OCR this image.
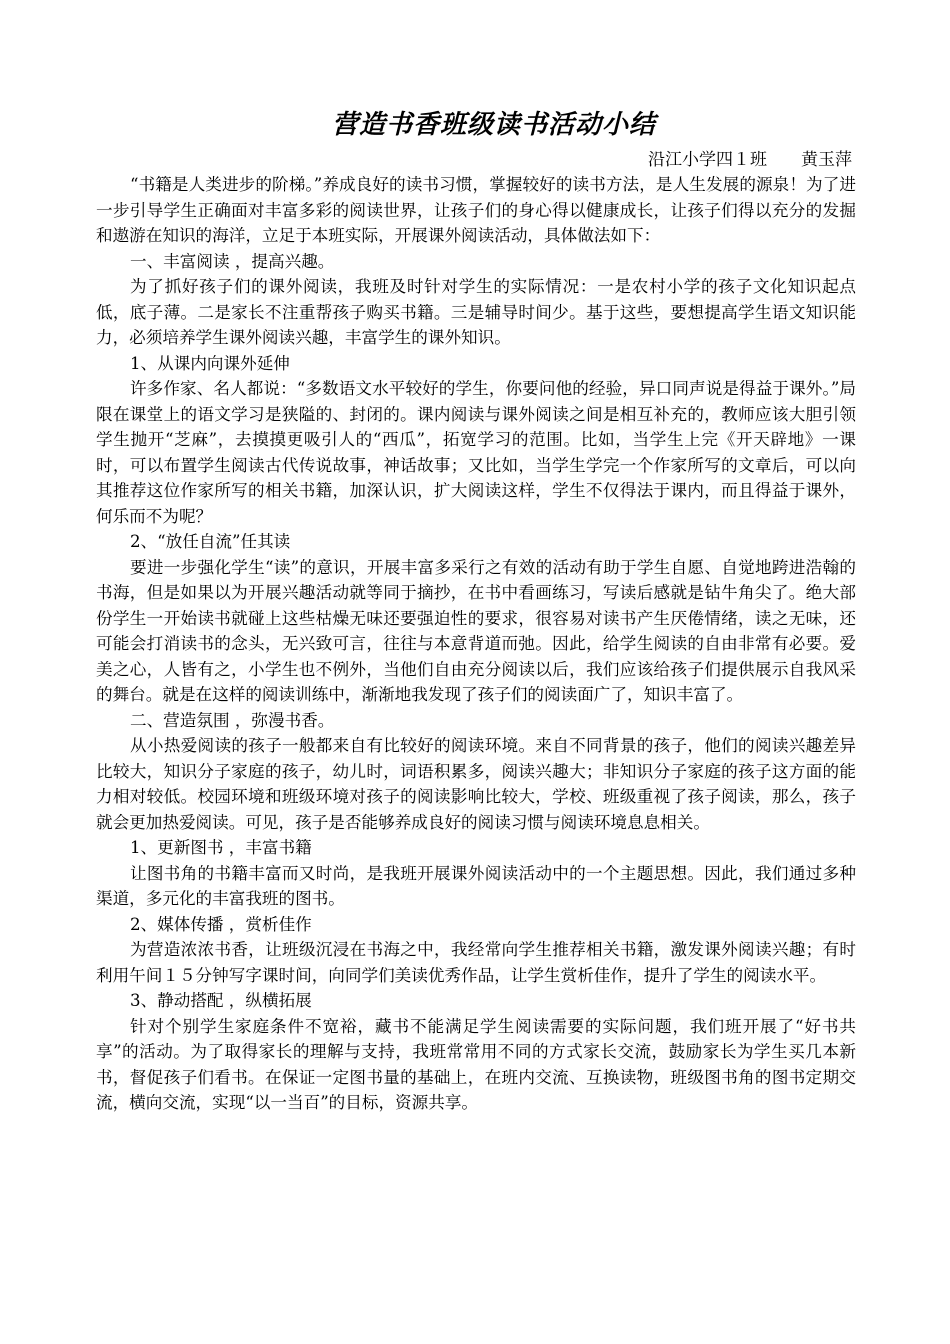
营造书香班级读书活动小结
沿江小学四１班　　黄玉萍

“书籍是人类进步的阶梯。”养成良好的读书习惯，掌握较好的读书方法，是人生发展的源泉！为了进一步引导学生正确面对丰富多彩的阅读世界，让孩子们的身心得以健康成长，让孩子们得以充分的发掘和遨游在知识的海洋，立足于本班实际，开展课外阅读活动，具体做法如下：

一、丰富阅读 ，提高兴趣。

为了抓好孩子们的课外阅读，我班及时针对学生的实际情况：一是农村小学的孩子文化知识起点低，底子薄。二是家长不注重帮孩子购买书籍。三是辅导时间少。基于这些，要想提高学生语文知识能力，必须培养学生课外阅读兴趣，丰富学生的课外知识。

1、从课内向课外延伸

许多作家、名人都说：“多数语文水平较好的学生，你要问他的经验，异口同声说是得益于课外。”局限在课堂上的语文学习是狭隘的、封闭的。课内阅读与课外阅读之间是相互补充的，教师应该大胆引领学生抛开“芝麻”，去摸摸更吸引人的“西瓜”，拓宽学习的范围。比如，当学生上完《开天辟地》一课时，可以布置学生阅读古代传说故事，神话故事；又比如，当学生学完一个作家所写的文章后，可以向其推荐这位作家所写的相关书籍，加深认识，扩大阅读这样，学生不仅得法于课内，而且得益于课外，何乐而不为呢？

2、“放任自流”任其读

要进一步强化学生“读”的意识，开展丰富多采行之有效的活动有助于学生自愿、自觉地跨进浩翰的书海，但是如果以为开展兴趣活动就等同于摘抄，在书中看画练习，写读后感就是钻牛角尖了。绝大部份学生一开始读书就碰上这些枯燥无味还要强迫性的要求，很容易对读书产生厌倦情绪，读之无味，还可能会打消读书的念头，无兴致可言，往往与本意背道而弛。因此，给学生阅读的自由非常有必要。爱美之心，人皆有之，小学生也不例外，当他们自由充分阅读以后，我们应该给孩子们提供展示自我风采的舞台。就是在这样的阅读训练中，渐渐地我发现了孩子们的阅读面广了，知识丰富了。

二、营造氛围 ，弥漫书香。

从小热爱阅读的孩子一般都来自有比较好的阅读环境。来自不同背景的孩子，他们的阅读兴趣差异比较大，知识分子家庭的孩子，幼儿时，词语积累多，阅读兴趣大；非知识分子家庭的孩子这方面的能力相对较低。校园环境和班级环境对孩子的阅读影响比较大，学校、班级重视了孩子阅读，那么，孩子就会更加热爱阅读。可见，孩子是否能够养成良好的阅读习惯与阅读环境息息相关。

1、更新图书 ，丰富书籍

让图书角的书籍丰富而又时尚，是我班开展课外阅读活动中的一个主题思想。因此，我们通过多种渠道，多元化的丰富我班的图书。

2、媒体传播 ，赏析佳作

为营造浓浓书香，让班级沉浸在书海之中，我经常向学生推荐相关书籍，激发课外阅读兴趣；有时利用午间１５分钟写字课时间，向同学们美读优秀作品，让学生赏析佳作，提升了学生的阅读水平。

3、静动搭配 ，纵横拓展

针对个别学生家庭条件不宽裕，藏书不能满足学生阅读需要的实际问题，我们班开展了“好书共享”的活动。为了取得家长的理解与支持，我班常常用不同的方式家长交流，鼓励家长为学生买几本新书，督促孩子们看书。在保证一定图书量的基础上，在班内交流、互换读物，班级图书角的图书定期交流，横向交流，实现“以一当百”的目标，资源共享。
